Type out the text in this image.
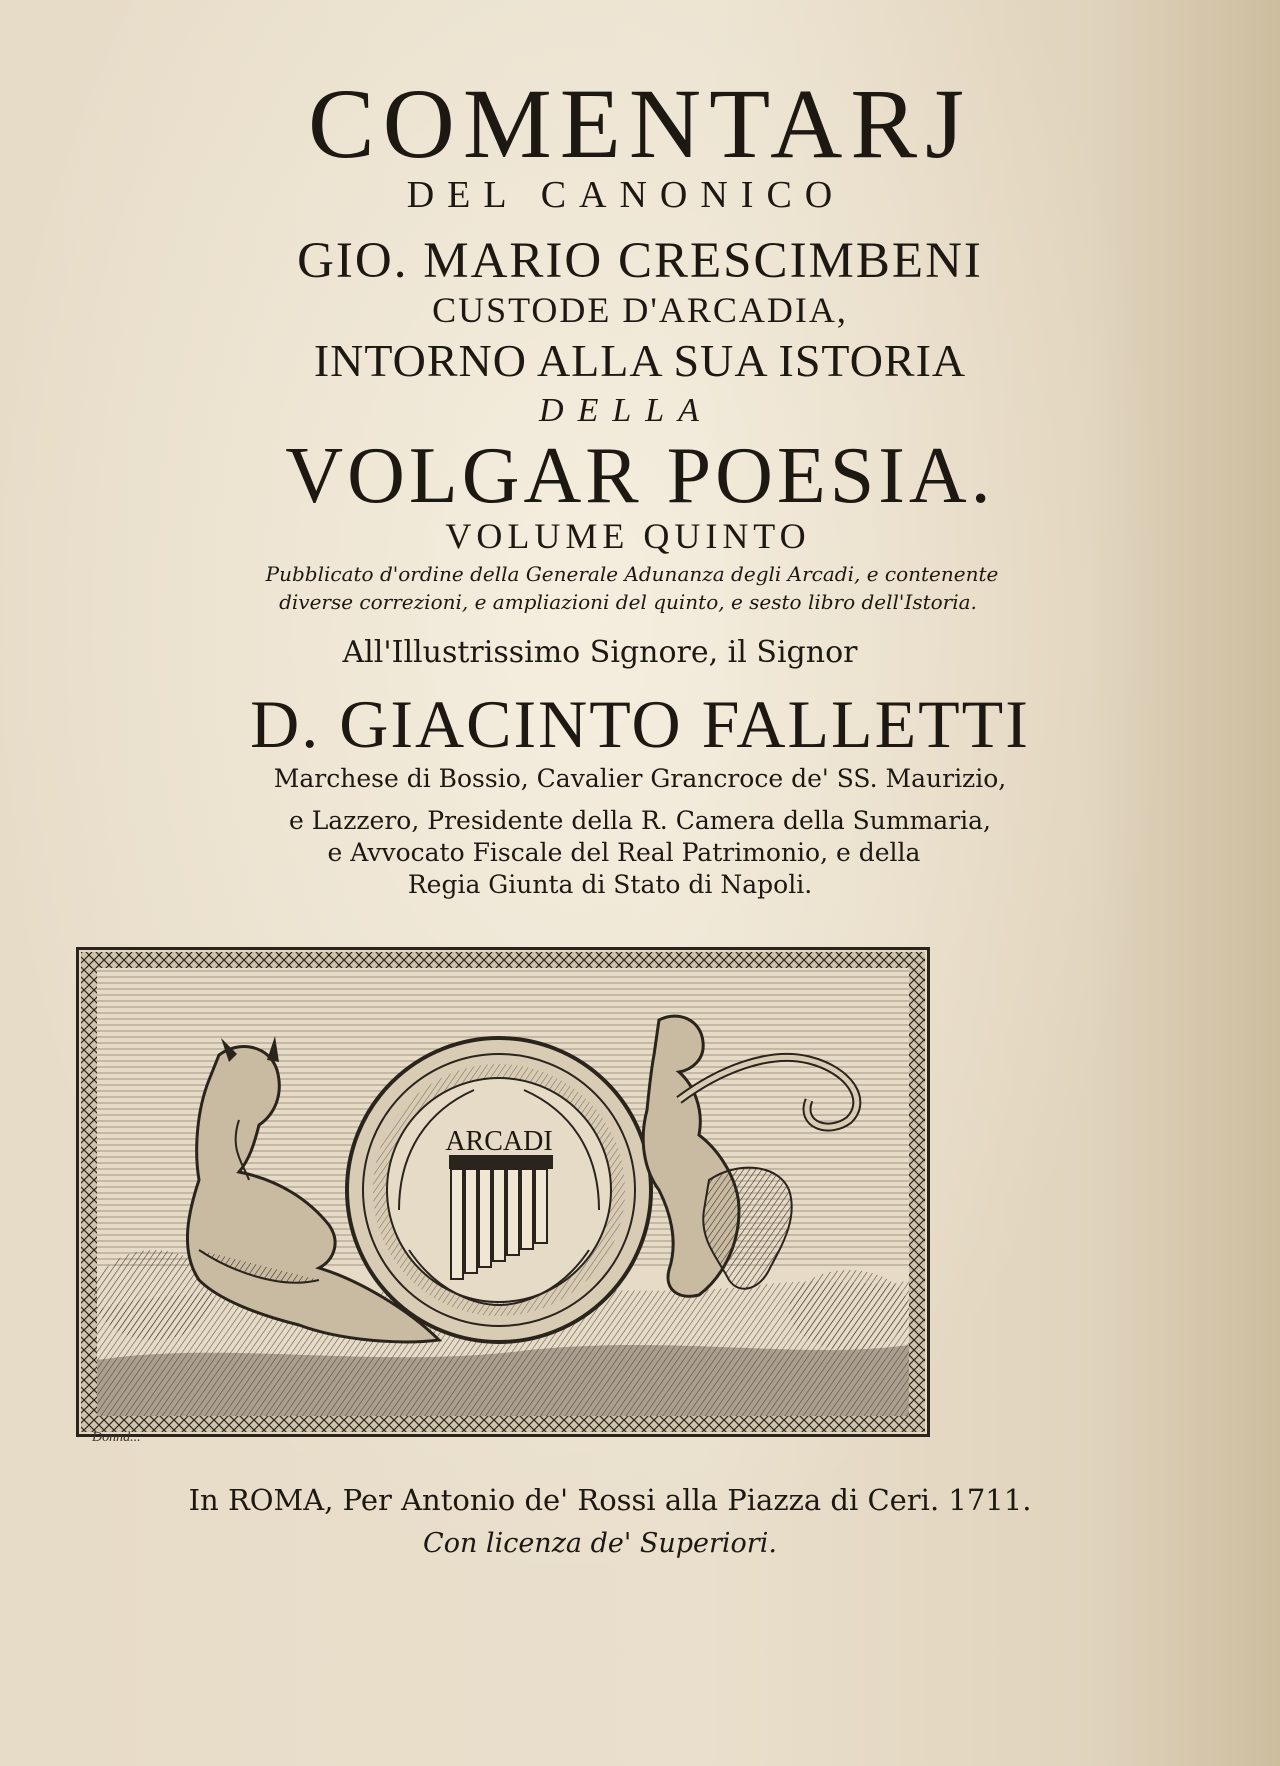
COMENTARJ
DEL CANONICO
GIO. MARIO CRESCIMBENI
CUSTODE D'ARCADIA,
INTORNO ALLA SUA ISTORIA
DELLA
VOLGAR POESIA.
VOLUME QUINTO
Pubblicato d'ordine della Generale Adunanza degli Arcadi, e contenente
diverse correzioni, e ampliazioni del quinto, e sesto libro dell'Istoria.
All'Illustrissimo Signore, il Signor
D. GIACINTO FALLETTI
Marchese di Bossio, Cavalier Grancroce de' SS. Maurizio,
e Lazzero, Presidente della R. Camera della Summaria,
e Avvocato Fiscale del Real Patrimonio, e della
Regia Giunta di Stato di Napoli.
ARCADI
Donnd...
In ROMA, Per Antonio de' Rossi alla Piazza di Ceri. 1711.
Con licenza de' Superiori.
